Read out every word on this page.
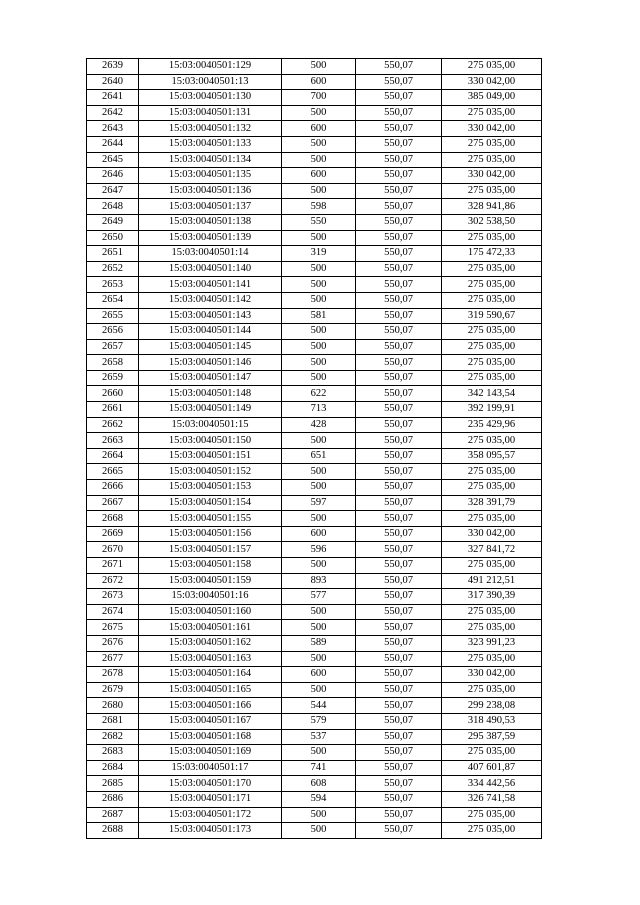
2639	15:03:0040501:129	500	550,07	275 035,00
2640	15:03:0040501:13	600	550,07	330 042,00
2641	15:03:0040501:130	700	550,07	385 049,00
2642	15:03:0040501:131	500	550,07	275 035,00
2643	15:03:0040501:132	600	550,07	330 042,00
2644	15:03:0040501:133	500	550,07	275 035,00
2645	15:03:0040501:134	500	550,07	275 035,00
2646	15:03:0040501:135	600	550,07	330 042,00
2647	15:03:0040501:136	500	550,07	275 035,00
2648	15:03:0040501:137	598	550,07	328 941,86
2649	15:03:0040501:138	550	550,07	302 538,50
2650	15:03:0040501:139	500	550,07	275 035,00
2651	15:03:0040501:14	319	550,07	175 472,33
2652	15:03:0040501:140	500	550,07	275 035,00
2653	15:03:0040501:141	500	550,07	275 035,00
2654	15:03:0040501:142	500	550,07	275 035,00
2655	15:03:0040501:143	581	550,07	319 590,67
2656	15:03:0040501:144	500	550,07	275 035,00
2657	15:03:0040501:145	500	550,07	275 035,00
2658	15:03:0040501:146	500	550,07	275 035,00
2659	15:03:0040501:147	500	550,07	275 035,00
2660	15:03:0040501:148	622	550,07	342 143,54
2661	15:03:0040501:149	713	550,07	392 199,91
2662	15:03:0040501:15	428	550,07	235 429,96
2663	15:03:0040501:150	500	550,07	275 035,00
2664	15:03:0040501:151	651	550,07	358 095,57
2665	15:03:0040501:152	500	550,07	275 035,00
2666	15:03:0040501:153	500	550,07	275 035,00
2667	15:03:0040501:154	597	550,07	328 391,79
2668	15:03:0040501:155	500	550,07	275 035,00
2669	15:03:0040501:156	600	550,07	330 042,00
2670	15:03:0040501:157	596	550,07	327 841,72
2671	15:03:0040501:158	500	550,07	275 035,00
2672	15:03:0040501:159	893	550,07	491 212,51
2673	15:03:0040501:16	577	550,07	317 390,39
2674	15:03:0040501:160	500	550,07	275 035,00
2675	15:03:0040501:161	500	550,07	275 035,00
2676	15:03:0040501:162	589	550,07	323 991,23
2677	15:03:0040501:163	500	550,07	275 035,00
2678	15:03:0040501:164	600	550,07	330 042,00
2679	15:03:0040501:165	500	550,07	275 035,00
2680	15:03:0040501:166	544	550,07	299 238,08
2681	15:03:0040501:167	579	550,07	318 490,53
2682	15:03:0040501:168	537	550,07	295 387,59
2683	15:03:0040501:169	500	550,07	275 035,00
2684	15:03:0040501:17	741	550,07	407 601,87
2685	15:03:0040501:170	608	550,07	334 442,56
2686	15:03:0040501:171	594	550,07	326 741,58
2687	15:03:0040501:172	500	550,07	275 035,00
2688	15:03:0040501:173	500	550,07	275 035,00
